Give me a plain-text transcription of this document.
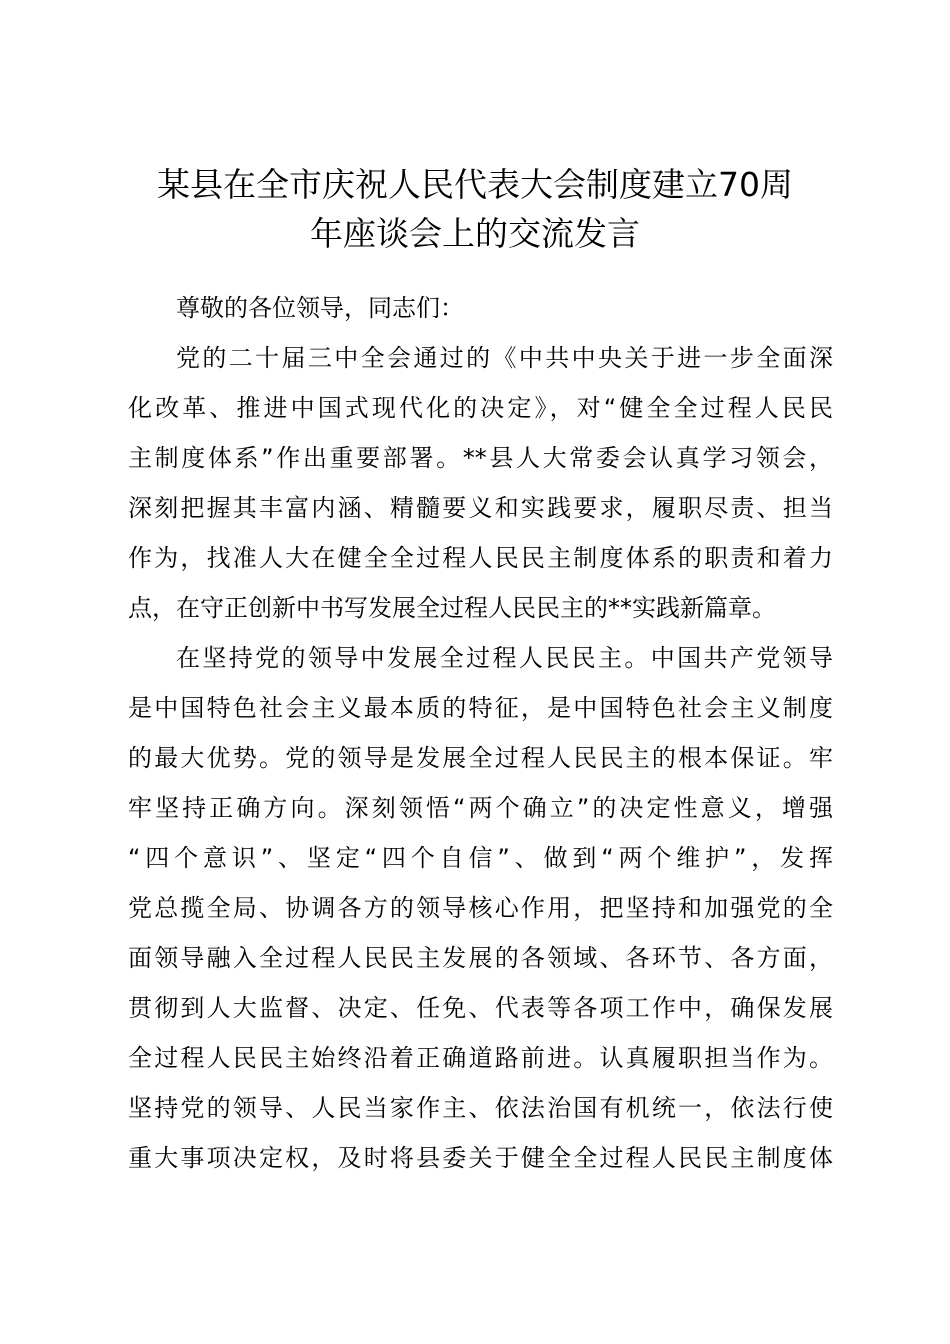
某县在全市庆祝人民代表大会制度建立70周
年座谈会上的交流发言

尊敬的各位领导，同志们：

党的二十届三中全会通过的《中共中央关于进一步全面深
化改革、推进中国式现代化的决定》，对“健全全过程人民民
主制度体系”作出重要部署。**县人大常委会认真学习领会，
深刻把握其丰富内涵、精髓要义和实践要求，履职尽责、担当
作为，找准人大在健全全过程人民民主制度体系的职责和着力
点，在守正创新中书写发展全过程人民民主的**实践新篇章。

在坚持党的领导中发展全过程人民民主。中国共产党领导
是中国特色社会主义最本质的特征，是中国特色社会主义制度
的最大优势。党的领导是发展全过程人民民主的根本保证。牢
牢坚持正确方向。深刻领悟“两个确立”的决定性意义，增强
“四个意识”、坚定“四个自信”、做到“两个维护”，发挥
党总揽全局、协调各方的领导核心作用，把坚持和加强党的全
面领导融入全过程人民民主发展的各领域、各环节、各方面，
贯彻到人大监督、决定、任免、代表等各项工作中，确保发展
全过程人民民主始终沿着正确道路前进。认真履职担当作为。
坚持党的领导、人民当家作主、依法治国有机统一，依法行使
重大事项决定权，及时将县委关于健全全过程人民民主制度体
